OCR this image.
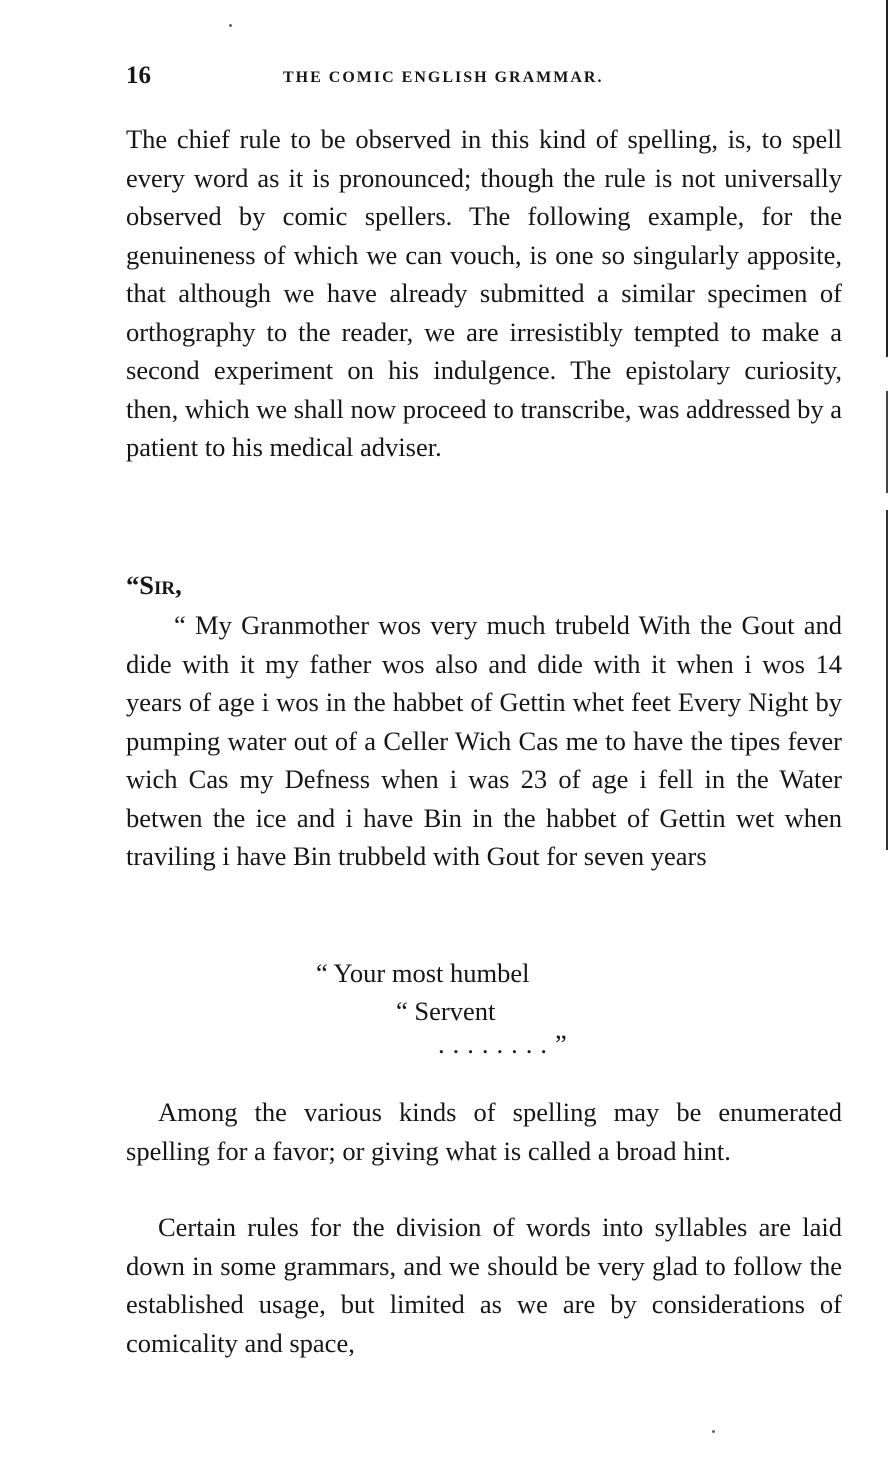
16	THE COMIC ENGLISH GRAMMAR.

The chief rule to be observed in this kind of spelling, is, to spell every word as it is pronounced; though the rule is not universally observed by comic spellers. The following example, for the genuineness of which we can vouch, is one so singularly apposite, that although we have already submitted a similar specimen of orthography to the reader, we are irresistibly tempted to make a second experiment on his indulgence. The epistolary curiosity, then, which we shall now proceed to transcribe, was addressed by a patient to his medical adviser.

“Sir,

“ My Granmother wos very much trubeld With the Gout and dide with it my father wos also and dide with it when i wos 14 years of age i wos in the habbet of Gettin whet feet Every Night by pumping water out of a Celler Wich Cas me to have the tipes fever wich Cas my Defness when i was 23 of age i fell in the Water betwen the ice and i have Bin in the habbet of Gettin wet when traviling i have Bin trubbeld with Gout for seven years

“ Your most humbel
“ Servent
........”

Among the various kinds of spelling may be enumerated spelling for a favor; or giving what is called a broad hint.

Certain rules for the division of words into syllables are laid down in some grammars, and we should be very glad to follow the established usage, but limited as we are by considerations of comicality and space,
